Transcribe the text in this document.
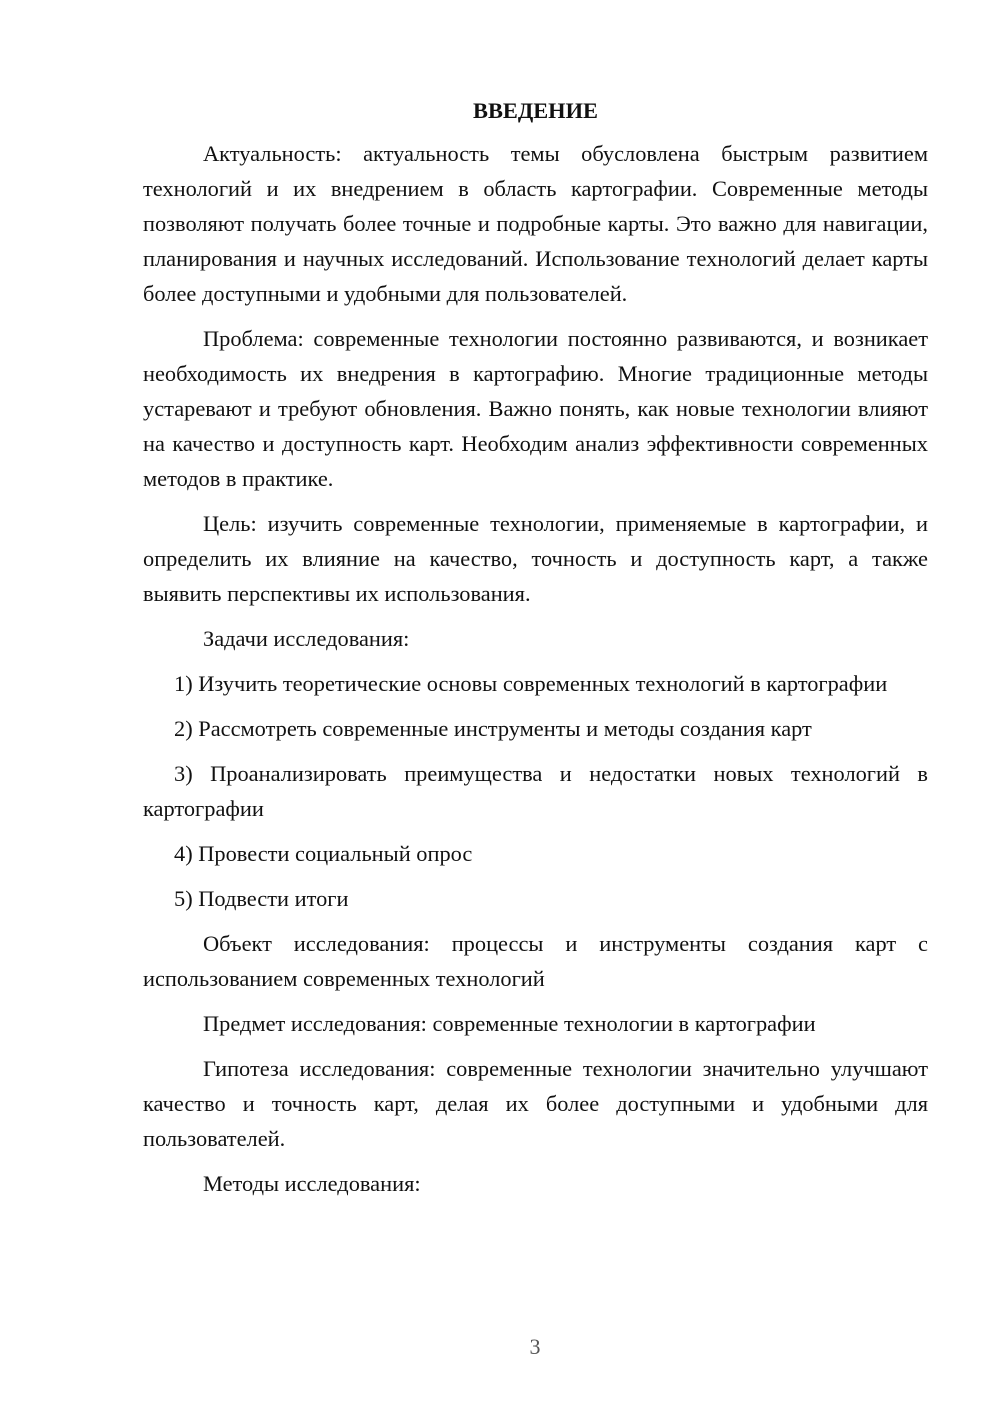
ВВЕДЕНИЕ

Актуальность: актуальность темы обусловлена быстрым развитием технологий и их внедрением в область картографии. Современные методы позволяют получать более точные и подробные карты. Это важно для навигации, планирования и научных исследований. Использование технологий делает карты более доступными и удобными для пользователей.

Проблема: современные технологии постоянно развиваются, и возникает необходимость их внедрения в картографию. Многие традиционные методы устаревают и требуют обновления. Важно понять, как новые технологии влияют на качество и доступность карт. Необходим анализ эффективности современных методов в практике.

Цель: изучить современные технологии, применяемые в картографии, и определить их влияние на качество, точность и доступность карт, а также выявить перспективы их использования.

Задачи исследования:

1) Изучить теоретические основы современных технологий в картографии

2) Рассмотреть современные инструменты и методы создания карт

3) Проанализировать преимущества и недостатки новых технологий в картографии

4) Провести социальный опрос

5) Подвести итоги

Объект исследования: процессы и инструменты создания карт с использованием современных технологий

Предмет исследования: современные технологии в картографии

Гипотеза исследования: современные технологии значительно улучшают качество и точность карт, делая их более доступными и удобными для пользователей.

Методы исследования:

3
